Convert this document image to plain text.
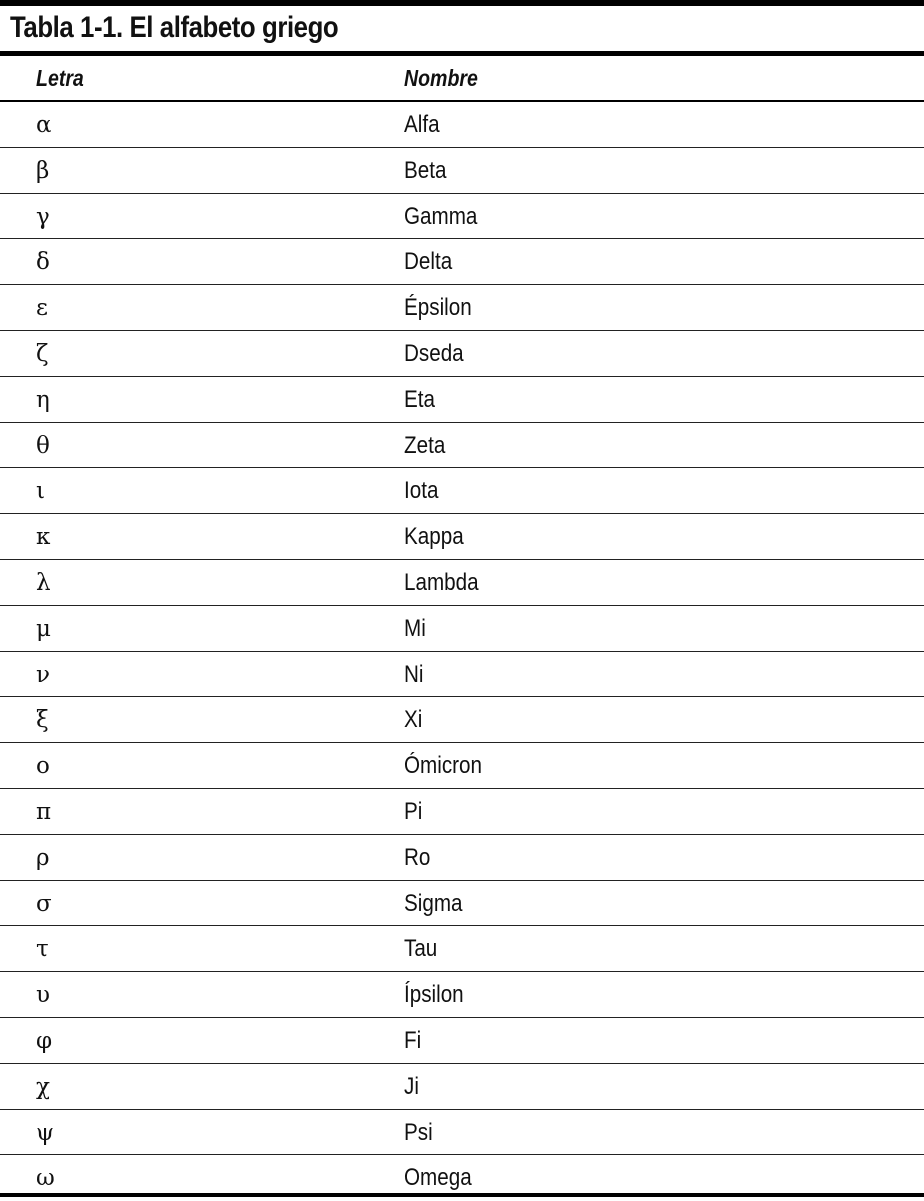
Tabla 1-1. El alfabeto griego
Letra	Nombre
α	Alfa
β	Beta
γ	Gamma
δ	Delta
ε	Épsilon
ζ	Dseda
η	Eta
θ	Zeta
ι	Iota
κ	Kappa
λ	Lambda
μ	Mi
ν	Ni
ξ	Xi
ο	Ómicron
π	Pi
ρ	Ro
σ	Sigma
τ	Tau
υ	Ípsilon
φ	Fi
χ	Ji
ψ	Psi
ω	Omega
